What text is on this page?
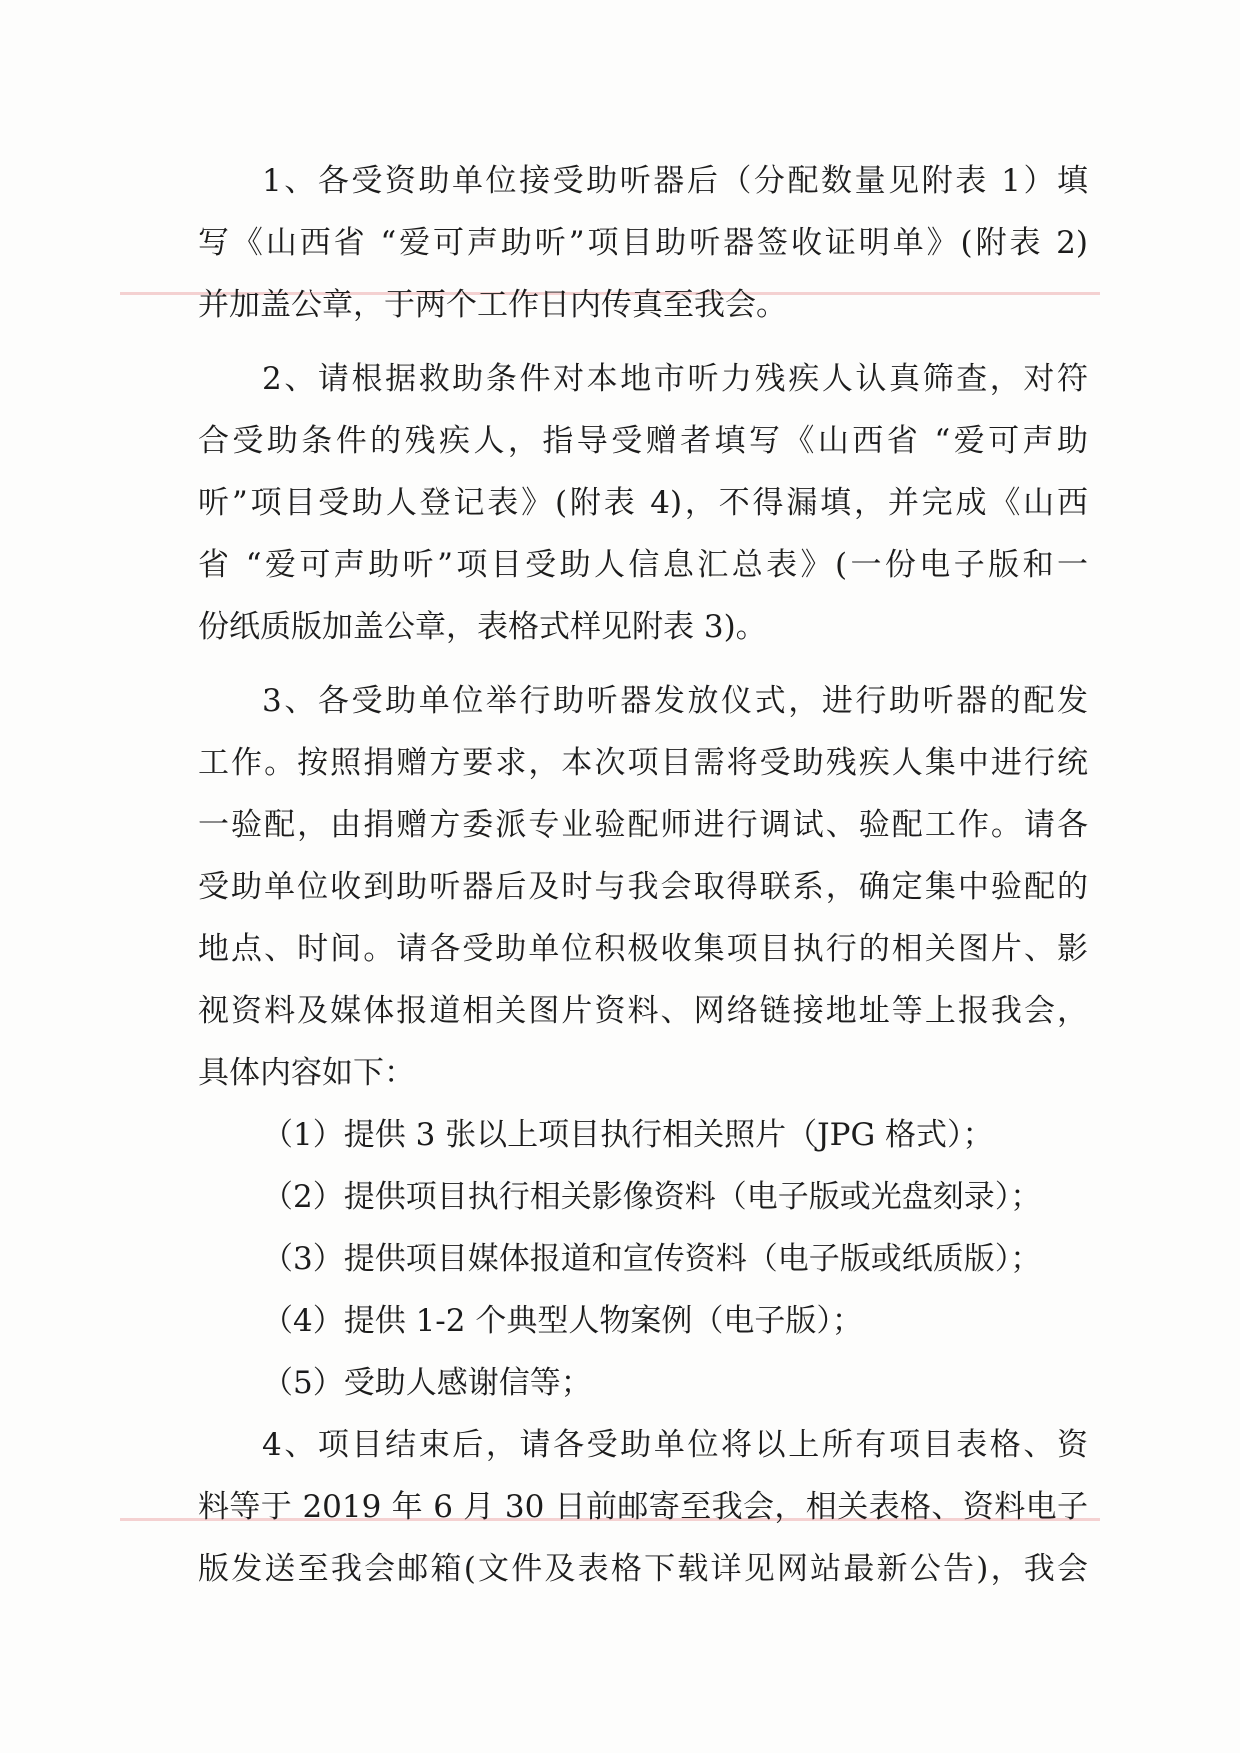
1、各受资助单位接受助听器后（分配数量见附表 1）填
写《山西省 “爱可声助听”项目助听器签收证明单》(附表 2)
并加盖公章，于两个工作日内传真至我会。
2、请根据救助条件对本地市听力残疾人认真筛查，对符
合受助条件的残疾人，指导受赠者填写《山西省 “爱可声助
听”项目受助人登记表》(附表 4)，不得漏填，并完成《山西
省 “爱可声助听”项目受助人信息汇总表》(一份电子版和一
份纸质版加盖公章，表格式样见附表 3)。
3、各受助单位举行助听器发放仪式，进行助听器的配发
工作。按照捐赠方要求，本次项目需将受助残疾人集中进行统
一验配，由捐赠方委派专业验配师进行调试、验配工作。请各
受助单位收到助听器后及时与我会取得联系，确定集中验配的
地点、时间。请各受助单位积极收集项目执行的相关图片、影
视资料及媒体报道相关图片资料、网络链接地址等上报我会，
具体内容如下：
（1）提供 3 张以上项目执行相关照片（JPG 格式）；
（2）提供项目执行相关影像资料（电子版或光盘刻录）；
（3）提供项目媒体报道和宣传资料（电子版或纸质版）；
（4）提供 1-2 个典型人物案例（电子版）；
（5）受助人感谢信等；
4、项目结束后，请各受助单位将以上所有项目表格、资
料等于 2019 年 6 月 30 日前邮寄至我会，相关表格、资料电子
版发送至我会邮箱(文件及表格下载详见网站最新公告)，我会
